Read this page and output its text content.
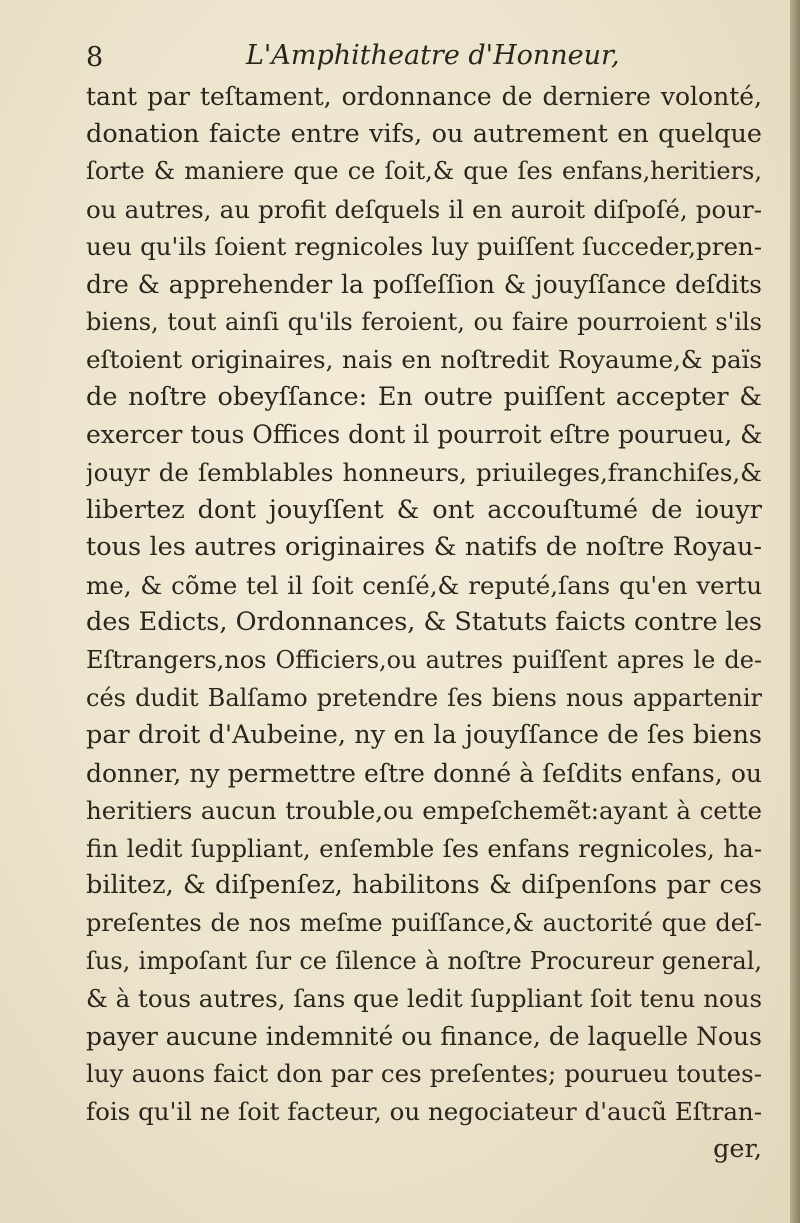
8	L'Amphitheatre d'Honneur,
tant par teſtament, ordonnance de derniere volonté,
donation faicte entre vifs, ou autrement en quelque
ſorte & maniere que ce ſoit,& que ſes enfans,heritiers,
ou autres, au profit deſquels il en auroit diſpoſé, pour-
ueu qu'ils ſoient regnicoles luy puiſſent ſucceder,pren-
dre & apprehender la poſſeſſion & jouyſſance deſdits
biens, tout ainſi qu'ils feroient, ou faire pourroient s'ils
eſtoient originaires, nais en noſtredit Royaume,& païs
de noſtre obeyſſance: En outre puiſſent accepter &
exercer tous Offices dont il pourroit eſtre pourueu, &
jouyr de ſemblables honneurs, priuileges,franchiſes,&
libertez dont jouyſſent & ont accouſtumé de iouyr
tous les autres originaires & natifs de noſtre Royau-
me, & cõme tel il ſoit cenſé,& reputé,ſans qu'en vertu
des Edicts, Ordonnances, & Statuts faicts contre les
Eſtrangers,nos Officiers,ou autres puiſſent apres le de-
cés dudit Balſamo pretendre ſes biens nous appartenir
par droit d'Aubeine, ny en la jouyſſance de ſes biens
donner, ny permettre eſtre donné à ſeſdits enfans, ou
heritiers aucun trouble,ou empeſchemẽt:ayant à cette
fin ledit ſuppliant, enſemble ſes enfans regnicoles, ha-
bilitez, & diſpenſez, habilitons & diſpenſons par ces
preſentes de nos meſme puiſſance,& auctorité que deſ-
ſus, impoſant ſur ce ſilence à noſtre Procureur general,
& à tous autres, ſans que ledit ſuppliant ſoit tenu nous
payer aucune indemnité ou finance, de laquelle Nous
luy auons faict don par ces preſentes; pourueu toutes-
fois qu'il ne ſoit facteur, ou negociateur d'aucũ Eſtran-
ger,
